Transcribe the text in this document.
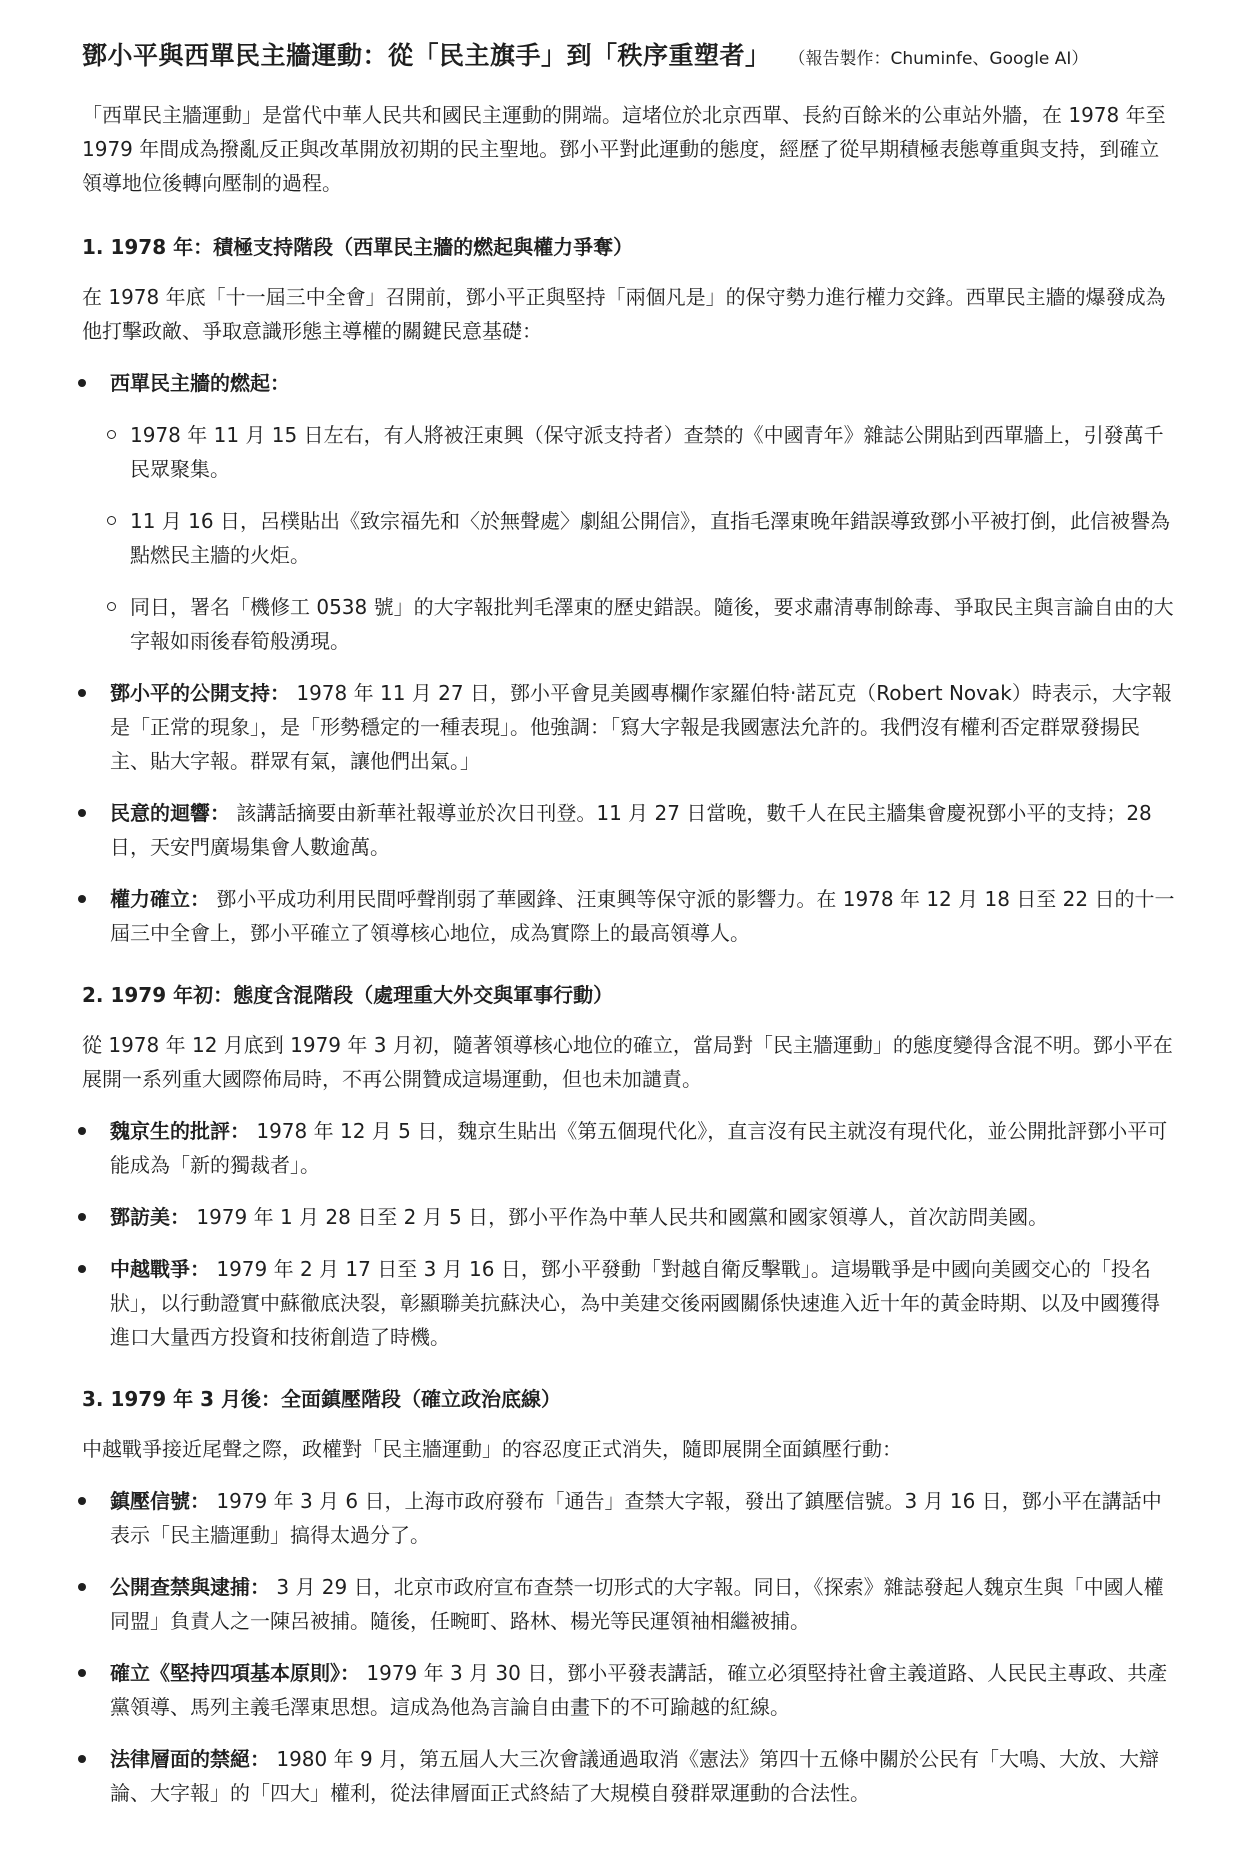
鄧小平與西單民主牆運動：從「民主旗手」到「秩序重塑者」 （報告製作：Chuminfe、Google AI）

「西單民主牆運動」是當代中華人民共和國民主運動的開端。這堵位於北京西單、長約百餘米的公車站外牆，在 1978 年至 1979 年間成為撥亂反正與改革開放初期的民主聖地。鄧小平對此運動的態度，經歷了從早期積極表態尊重與支持，到確立領導地位後轉向壓制的過程。

1. 1978 年：積極支持階段（西單民主牆的燃起與權力爭奪）

在 1978 年底「十一屆三中全會」召開前，鄧小平正與堅持「兩個凡是」的保守勢力進行權力交鋒。西單民主牆的爆發成為他打擊政敵、爭取意識形態主導權的關鍵民意基礎：

西單民主牆的燃起：
1978 年 11 月 15 日左右，有人將被汪東興（保守派支持者）查禁的《中國青年》雜誌公開貼到西單牆上，引發萬千民眾聚集。
11 月 16 日，呂樸貼出《致宗福先和〈於無聲處〉劇組公開信》，直指毛澤東晚年錯誤導致鄧小平被打倒，此信被譽為點燃民主牆的火炬。
同日，署名「機修工 0538 號」的大字報批判毛澤東的歷史錯誤。隨後，要求肅清專制餘毒、爭取民主與言論自由的大字報如雨後春筍般湧現。
鄧小平的公開支持： 1978 年 11 月 27 日，鄧小平會見美國專欄作家羅伯特·諾瓦克（Robert Novak）時表示，大字報是「正常的現象」，是「形勢穩定的一種表現」。他強調：「寫大字報是我國憲法允許的。我們沒有權利否定群眾發揚民主、貼大字報。群眾有氣，讓他們出氣。」
民意的迴響： 該講話摘要由新華社報導並於次日刊登。11 月 27 日當晚，數千人在民主牆集會慶祝鄧小平的支持；28 日，天安門廣場集會人數逾萬。
權力確立： 鄧小平成功利用民間呼聲削弱了華國鋒、汪東興等保守派的影響力。在 1978 年 12 月 18 日至 22 日的十一屆三中全會上，鄧小平確立了領導核心地位，成為實際上的最高領導人。
2. 1979 年初：態度含混階段（處理重大外交與軍事行動）

從 1978 年 12 月底到 1979 年 3 月初，隨著領導核心地位的確立，當局對「民主牆運動」的態度變得含混不明。鄧小平在展開一系列重大國際佈局時，不再公開贊成這場運動，但也未加譴責。

魏京生的批評： 1978 年 12 月 5 日，魏京生貼出《第五個現代化》，直言沒有民主就沒有現代化，並公開批評鄧小平可能成為「新的獨裁者」。
鄧訪美： 1979 年 1 月 28 日至 2 月 5 日，鄧小平作為中華人民共和國黨和國家領導人，首次訪問美國。
中越戰爭： 1979 年 2 月 17 日至 3 月 16 日，鄧小平發動「對越自衛反擊戰」。這場戰爭是中國向美國交心的「投名狀」，以行動證實中蘇徹底決裂，彰顯聯美抗蘇決心，為中美建交後兩國關係快速進入近十年的黃金時期、以及中國獲得進口大量西方投資和技術創造了時機。
3. 1979 年 3 月後：全面鎮壓階段（確立政治底線）

中越戰爭接近尾聲之際，政權對「民主牆運動」的容忍度正式消失，隨即展開全面鎮壓行動：

鎮壓信號： 1979 年 3 月 6 日，上海市政府發布「通告」查禁大字報，發出了鎮壓信號。3 月 16 日，鄧小平在講話中表示「民主牆運動」搞得太過分了。
公開查禁與逮捕： 3 月 29 日，北京市政府宣布查禁一切形式的大字報。同日，《探索》雜誌發起人魏京生與「中國人權同盟」負責人之一陳呂被捕。隨後，任畹町、路林、楊光等民運領袖相繼被捕。
確立《堅持四項基本原則》： 1979 年 3 月 30 日，鄧小平發表講話，確立必須堅持社會主義道路、人民民主專政、共產黨領導、馬列主義毛澤東思想。這成為他為言論自由畫下的不可踰越的紅線。
法律層面的禁絕： 1980 年 9 月，第五屆人大三次會議通過取消《憲法》第四十五條中關於公民有「大鳴、大放、大辯論、大字報」的「四大」權利，從法律層面正式終結了大規模自發群眾運動的合法性。
